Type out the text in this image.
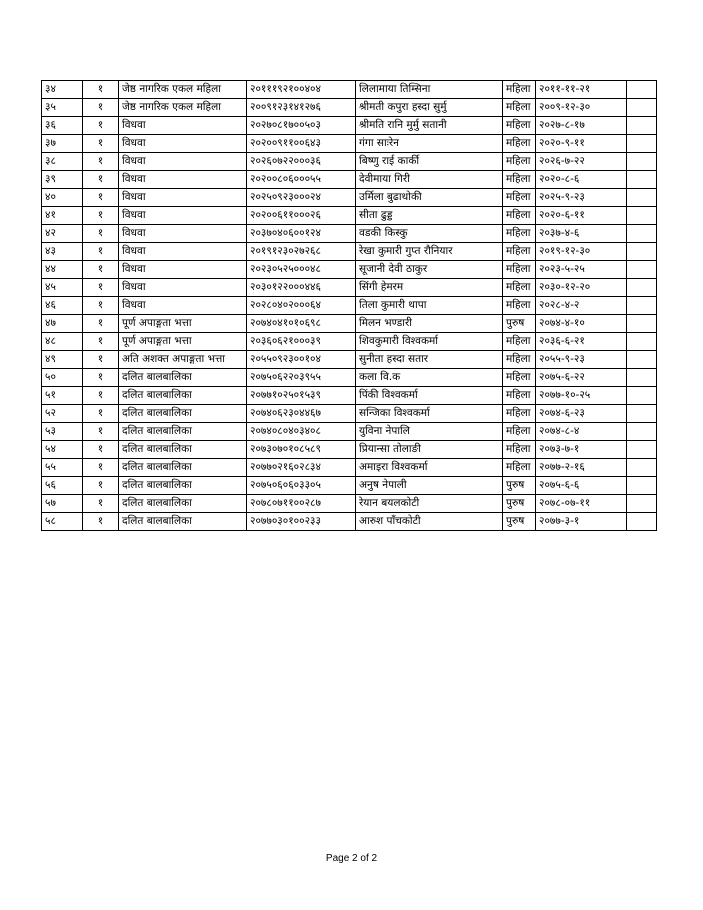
३४	१	जेष्ठ नागरिक एकल महिला	२०१११९२१००४०४	लिलामाया तिम्सिना	महिला	२०११-११-२१	
३५	१	जेष्ठ नागरिक एकल महिला	२००९१२३१४१२७६	श्रीमती कपुरा हस्दा सुर्मु	महिला	२००९-१२-३०	
३६	१	विधवा	२०२७०८१७००५०३	श्रीमति रानि मुर्मु सतानी	महिला	२०२७-८-१७	
३७	१	विधवा	२०२००९११००६४३	गंगा साःरेन	महिला	२०२०-९-११	
३८	१	विधवा	२०२६०७२२०००३६	बिष्णु राई कार्की	महिला	२०२६-७-२२	
३९	१	विधवा	२०२००८०६०००५५	देवीमाया गिरी	महिला	२०२०-८-६	
४०	१	विधवा	२०२५०९२३०००२४	उर्मिला बुढाथोकी	महिला	२०२५-९-२३	
४१	१	विधवा	२०२००६११०००२६	सीता ढुड्ड	महिला	२०२०-६-११	
४२	१	विधवा	२०३७०४०६००१२४	वडकी किस्कु	महिला	२०३७-४-६	
४३	१	विधवा	२०१९१२३०२७२६८	रेखा कुमारी गुप्त रौनियार	महिला	२०१९-१२-३०	
४४	१	विधवा	२०२३०५२५०००४८	सूजानी देवी ठाकुर	महिला	२०२३-५-२५	
४५	१	विधवा	२०३०१२२०००४४६	सिंगी हेमरम	महिला	२०३०-१२-२०	
४६	१	विधवा	२०२८०४०२०००६४	तिला कुमारी थापा	महिला	२०२८-४-२	
४७	१	पूर्ण अपाङ्गता भत्ता	२०७४०४१०१०६९८	मिलन भण्डारी	पुरुष	२०७४-४-१०	
४८	१	पूर्ण अपाङ्गता भत्ता	२०३६०६२१०००३९	शिवकुमारी विश्वकर्मा	महिला	२०३६-६-२१	
४९	१	अति अशक्त अपाङ्गता भत्ता	२०५५०९२३००१०४	सुनीता हस्दा सतार	महिला	२०५५-९-२३	
५०	१	दलित बालबालिका	२०७५०६२२०३९५५	कला वि.क	महिला	२०७५-६-२२	
५१	१	दलित बालबालिका	२०७७१०२५०१५३९	पिंकी विश्वकर्मा	महिला	२०७७-१०-२५	
५२	१	दलित बालबालिका	२०७४०६२३०४४६७	सन्जिका विश्वकर्मा	महिला	२०७४-६-२३	
५३	१	दलित बालबालिका	२०७४०८०४०३४०८	युविना नेपालि	महिला	२०७४-८-४	
५४	१	दलित बालबालिका	२०७३०७०१०८५८९	प्रियान्सा तोलाङी	महिला	२०७३-७-१	
५५	१	दलित बालबालिका	२०७७०२१६०२८३४	अमाइरा विश्वकर्मा	महिला	२०७७-२-१६	
५६	१	दलित बालबालिका	२०७५०६०६०३३०५	अनुष नेपाली	पुरुष	२०७५-६-६	
५७	१	दलित बालबालिका	२०७८०७११००२८७	रेयान बयलकोटी	पुरुष	२०७८-०७-११	
५८	१	दलित बालबालिका	२०७७०३०१००२३३	आरुश पाँचकोटी	पुरुष	२०७७-३-१	
Page 2 of 2
